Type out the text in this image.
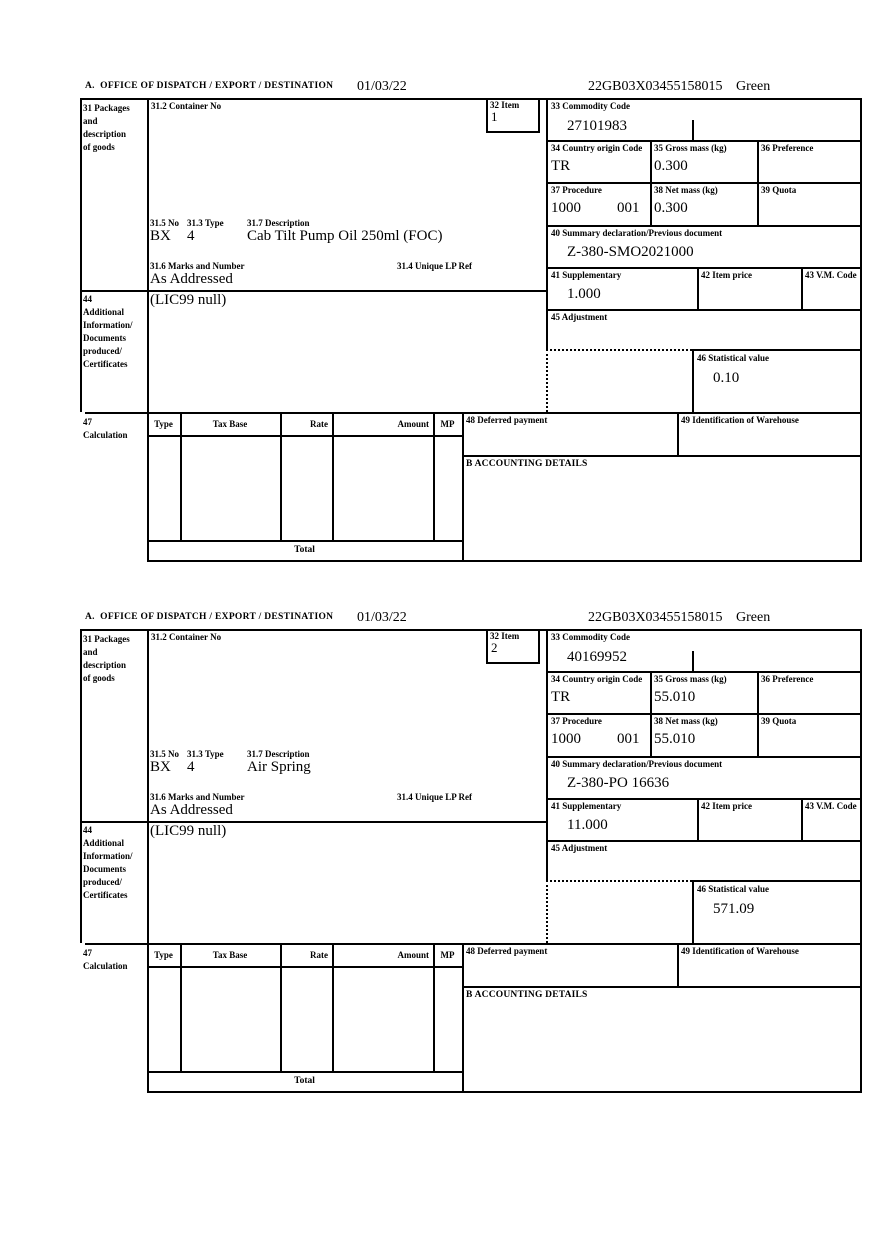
A.  OFFICE OF DISPATCH / EXPORT / DESTINATION 01/03/22	22GB03X03455158015 Green
31 Packages
and
description
of goods
31.2 Container No	32 Item
1
33 Commodity Code
27101983
34 Country origin Code
TR
35 Gross mass (kg)
0.300
36 Preference
37 Procedure
1000 001
38 Net mass (kg)
0.300
39 Quota
31.5 No 31.3 Type	31.7 Description
BX 4	Cab Tilt Pump Oil 250ml (FOC)
31.6 Marks and Number	31.4 Unique LP Ref
As Addressed
40 Summary declaration/Previous document
Z-380-SMO2021000
41 Supplementary
1.000
42 Item price	43 V.M. Code
44
Additional
Information/
Documents
produced/
Certificates
(LIC99 null)
45 Adjustment
46 Statistical value
0.10
47
Calculation
Type	Tax Base	Rate	Amount	MP	48 Deferred payment	49 Identification of Warehouse
B ACCOUNTING DETAILS
Total
A.  OFFICE OF DISPATCH / EXPORT / DESTINATION 01/03/22	22GB03X03455158015 Green
31 Packages
and
description
of goods
31.2 Container No	32 Item
2
33 Commodity Code
40169952
34 Country origin Code
TR
35 Gross mass (kg)
55.010
36 Preference
37 Procedure
1000 001
38 Net mass (kg)
55.010
39 Quota
31.5 No 31.3 Type	31.7 Description
BX 4	Air Spring
31.6 Marks and Number	31.4 Unique LP Ref
As Addressed
40 Summary declaration/Previous document
Z-380-PO 16636
41 Supplementary
11.000
42 Item price	43 V.M. Code
44
Additional
Information/
Documents
produced/
Certificates
(LIC99 null)
45 Adjustment
46 Statistical value
571.09
47
Calculation
Type	Tax Base	Rate	Amount	MP	48 Deferred payment	49 Identification of Warehouse
B ACCOUNTING DETAILS
Total
